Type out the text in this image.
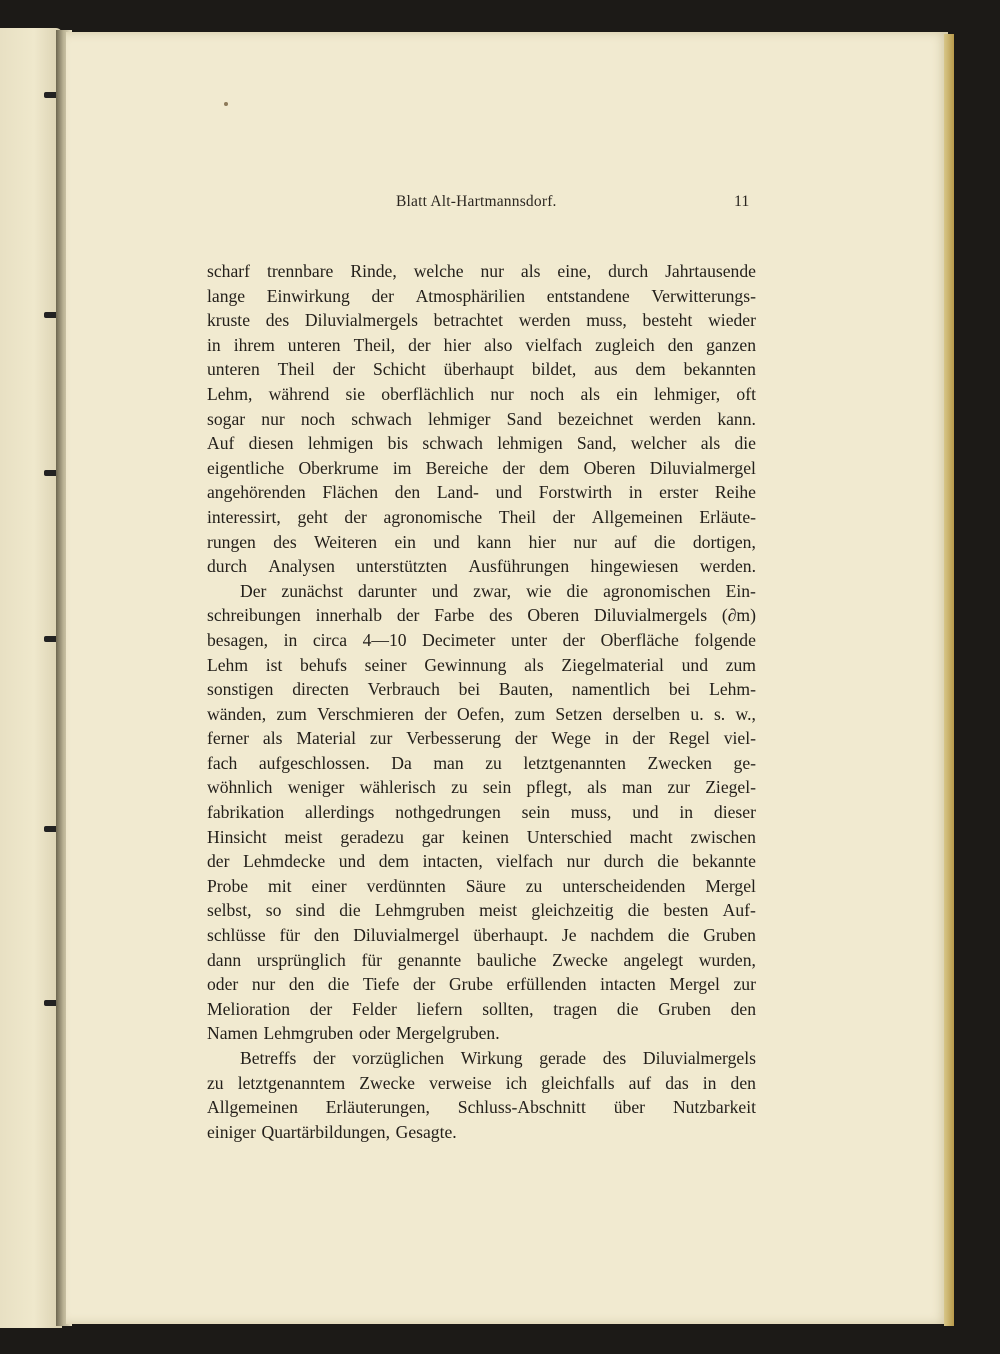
Blatt Alt-Hartmannsdorf.	11
scharf trennbare Rinde, welche nur als eine, durch Jahrtausende
lange Einwirkung der Atmosphärilien entstandene Verwitterungs-
kruste des Diluvialmergels betrachtet werden muss, besteht wieder
in ihrem unteren Theil, der hier also vielfach zugleich den ganzen
unteren Theil der Schicht überhaupt bildet, aus dem bekannten
Lehm, während sie oberflächlich nur noch als ein lehmiger, oft
sogar nur noch schwach lehmiger Sand bezeichnet werden kann.
Auf diesen lehmigen bis schwach lehmigen Sand, welcher als die
eigentliche Oberkrume im Bereiche der dem Oberen Diluvialmergel
angehörenden Flächen den Land- und Forstwirth in erster Reihe
interessirt, geht der agronomische Theil der Allgemeinen Erläute-
rungen des Weiteren ein und kann hier nur auf die dortigen,
durch Analysen unterstützten Ausführungen hingewiesen werden.
Der zunächst darunter und zwar, wie die agronomischen Ein-
schreibungen innerhalb der Farbe des Oberen Diluvialmergels (∂m)
besagen, in circa 4—10 Decimeter unter der Oberfläche folgende
Lehm ist behufs seiner Gewinnung als Ziegelmaterial und zum
sonstigen directen Verbrauch bei Bauten, namentlich bei Lehm-
wänden, zum Verschmieren der Oefen, zum Setzen derselben u. s. w.,
ferner als Material zur Verbesserung der Wege in der Regel viel-
fach aufgeschlossen. Da man zu letztgenannten Zwecken ge-
wöhnlich weniger wählerisch zu sein pflegt, als man zur Ziegel-
fabrikation allerdings nothgedrungen sein muss, und in dieser
Hinsicht meist geradezu gar keinen Unterschied macht zwischen
der Lehmdecke und dem intacten, vielfach nur durch die bekannte
Probe mit einer verdünnten Säure zu unterscheidenden Mergel
selbst, so sind die Lehmgruben meist gleichzeitig die besten Auf-
schlüsse für den Diluvialmergel überhaupt. Je nachdem die Gruben
dann ursprünglich für genannte bauliche Zwecke angelegt wurden,
oder nur den die Tiefe der Grube erfüllenden intacten Mergel zur
Melioration der Felder liefern sollten, tragen die Gruben den
Namen Lehmgruben oder Mergelgruben.
Betreffs der vorzüglichen Wirkung gerade des Diluvialmergels
zu letztgenanntem Zwecke verweise ich gleichfalls auf das in den
Allgemeinen Erläuterungen, Schluss-Abschnitt über Nutzbarkeit
einiger Quartärbildungen, Gesagte.
